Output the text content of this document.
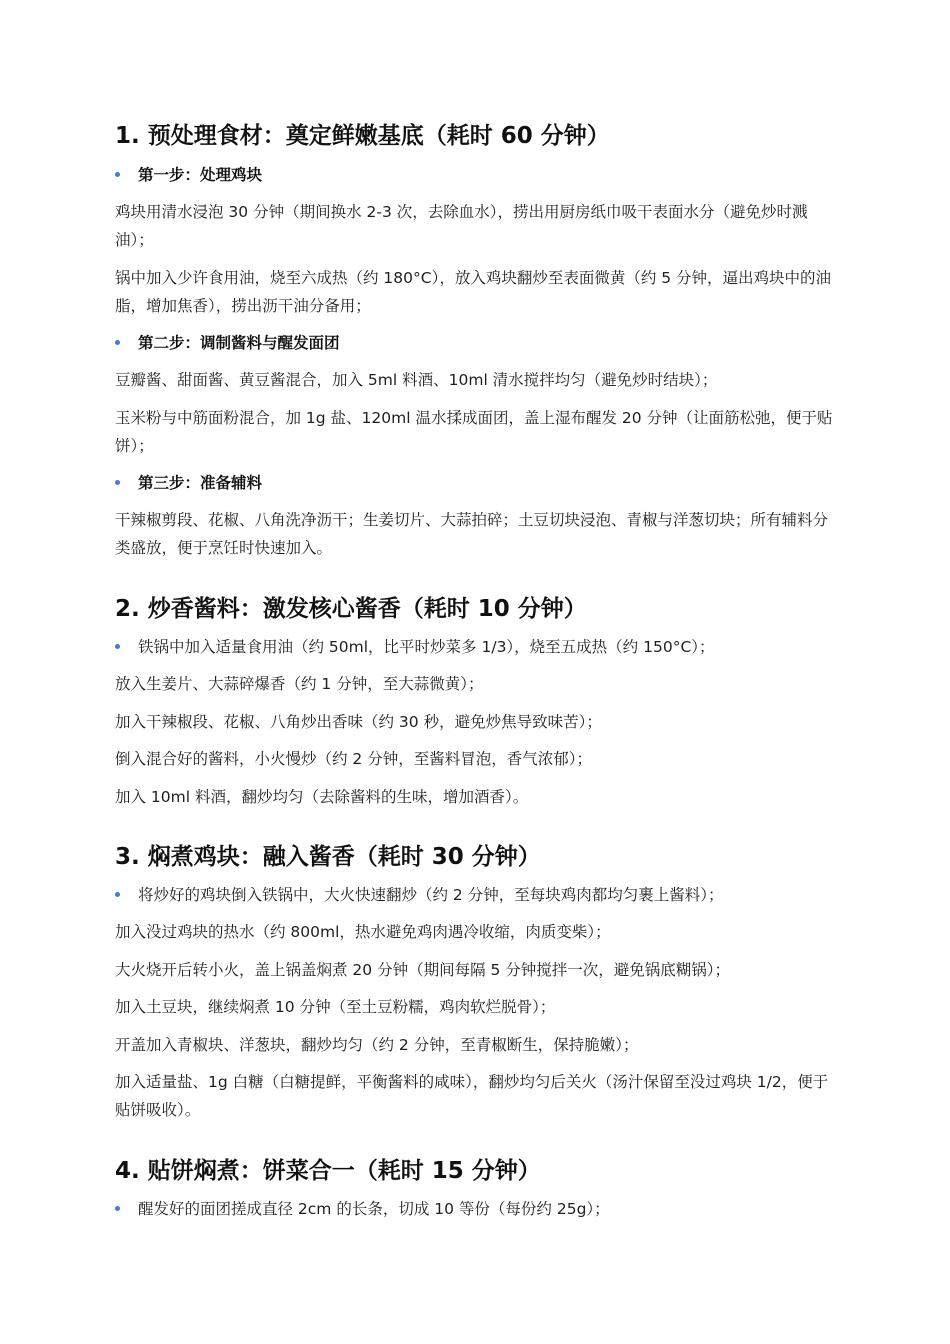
1. 预处理食材：奠定鲜嫩基底（耗时 60 分钟）
第一步：处理鸡块
鸡块用清水浸泡 30 分钟（期间换水 2-3 次，去除血水），捞出用厨房纸巾吸干表面水分（避免炒时溅油）；
锅中加入少许食用油，烧至六成热（约 180°C），放入鸡块翻炒至表面微黄（约 5 分钟，逼出鸡块中的油脂，增加焦香），捞出沥干油分备用；
第二步：调制酱料与醒发面团
豆瓣酱、甜面酱、黄豆酱混合，加入 5ml 料酒、10ml 清水搅拌均匀（避免炒时结块）；
玉米粉与中筋面粉混合，加 1g 盐、120ml 温水揉成面团，盖上湿布醒发 20 分钟（让面筋松弛，便于贴饼）；
第三步：准备辅料
干辣椒剪段、花椒、八角洗净沥干；生姜切片、大蒜拍碎；土豆切块浸泡、青椒与洋葱切块；所有辅料分类盛放，便于烹饪时快速加入。
2. 炒香酱料：激发核心酱香（耗时 10 分钟）
铁锅中加入适量食用油（约 50ml，比平时炒菜多 1/3），烧至五成热（约 150°C）；
放入生姜片、大蒜碎爆香（约 1 分钟，至大蒜微黄）；
加入干辣椒段、花椒、八角炒出香味（约 30 秒，避免炒焦导致味苦）；
倒入混合好的酱料，小火慢炒（约 2 分钟，至酱料冒泡，香气浓郁）；
加入 10ml 料酒，翻炒均匀（去除酱料的生味，增加酒香）。
3. 焖煮鸡块：融入酱香（耗时 30 分钟）
将炒好的鸡块倒入铁锅中，大火快速翻炒（约 2 分钟，至每块鸡肉都均匀裹上酱料）；
加入没过鸡块的热水（约 800ml，热水避免鸡肉遇冷收缩，肉质变柴）；
大火烧开后转小火，盖上锅盖焖煮 20 分钟（期间每隔 5 分钟搅拌一次，避免锅底糊锅）；
加入土豆块，继续焖煮 10 分钟（至土豆粉糯，鸡肉软烂脱骨）；
开盖加入青椒块、洋葱块，翻炒均匀（约 2 分钟，至青椒断生，保持脆嫩）；
加入适量盐、1g 白糖（白糖提鲜，平衡酱料的咸味），翻炒均匀后关火（汤汁保留至没过鸡块 1/2，便于贴饼吸收）。
4. 贴饼焖煮：饼菜合一（耗时 15 分钟）
醒发好的面团搓成直径 2cm 的长条，切成 10 等份（每份约 25g）；
